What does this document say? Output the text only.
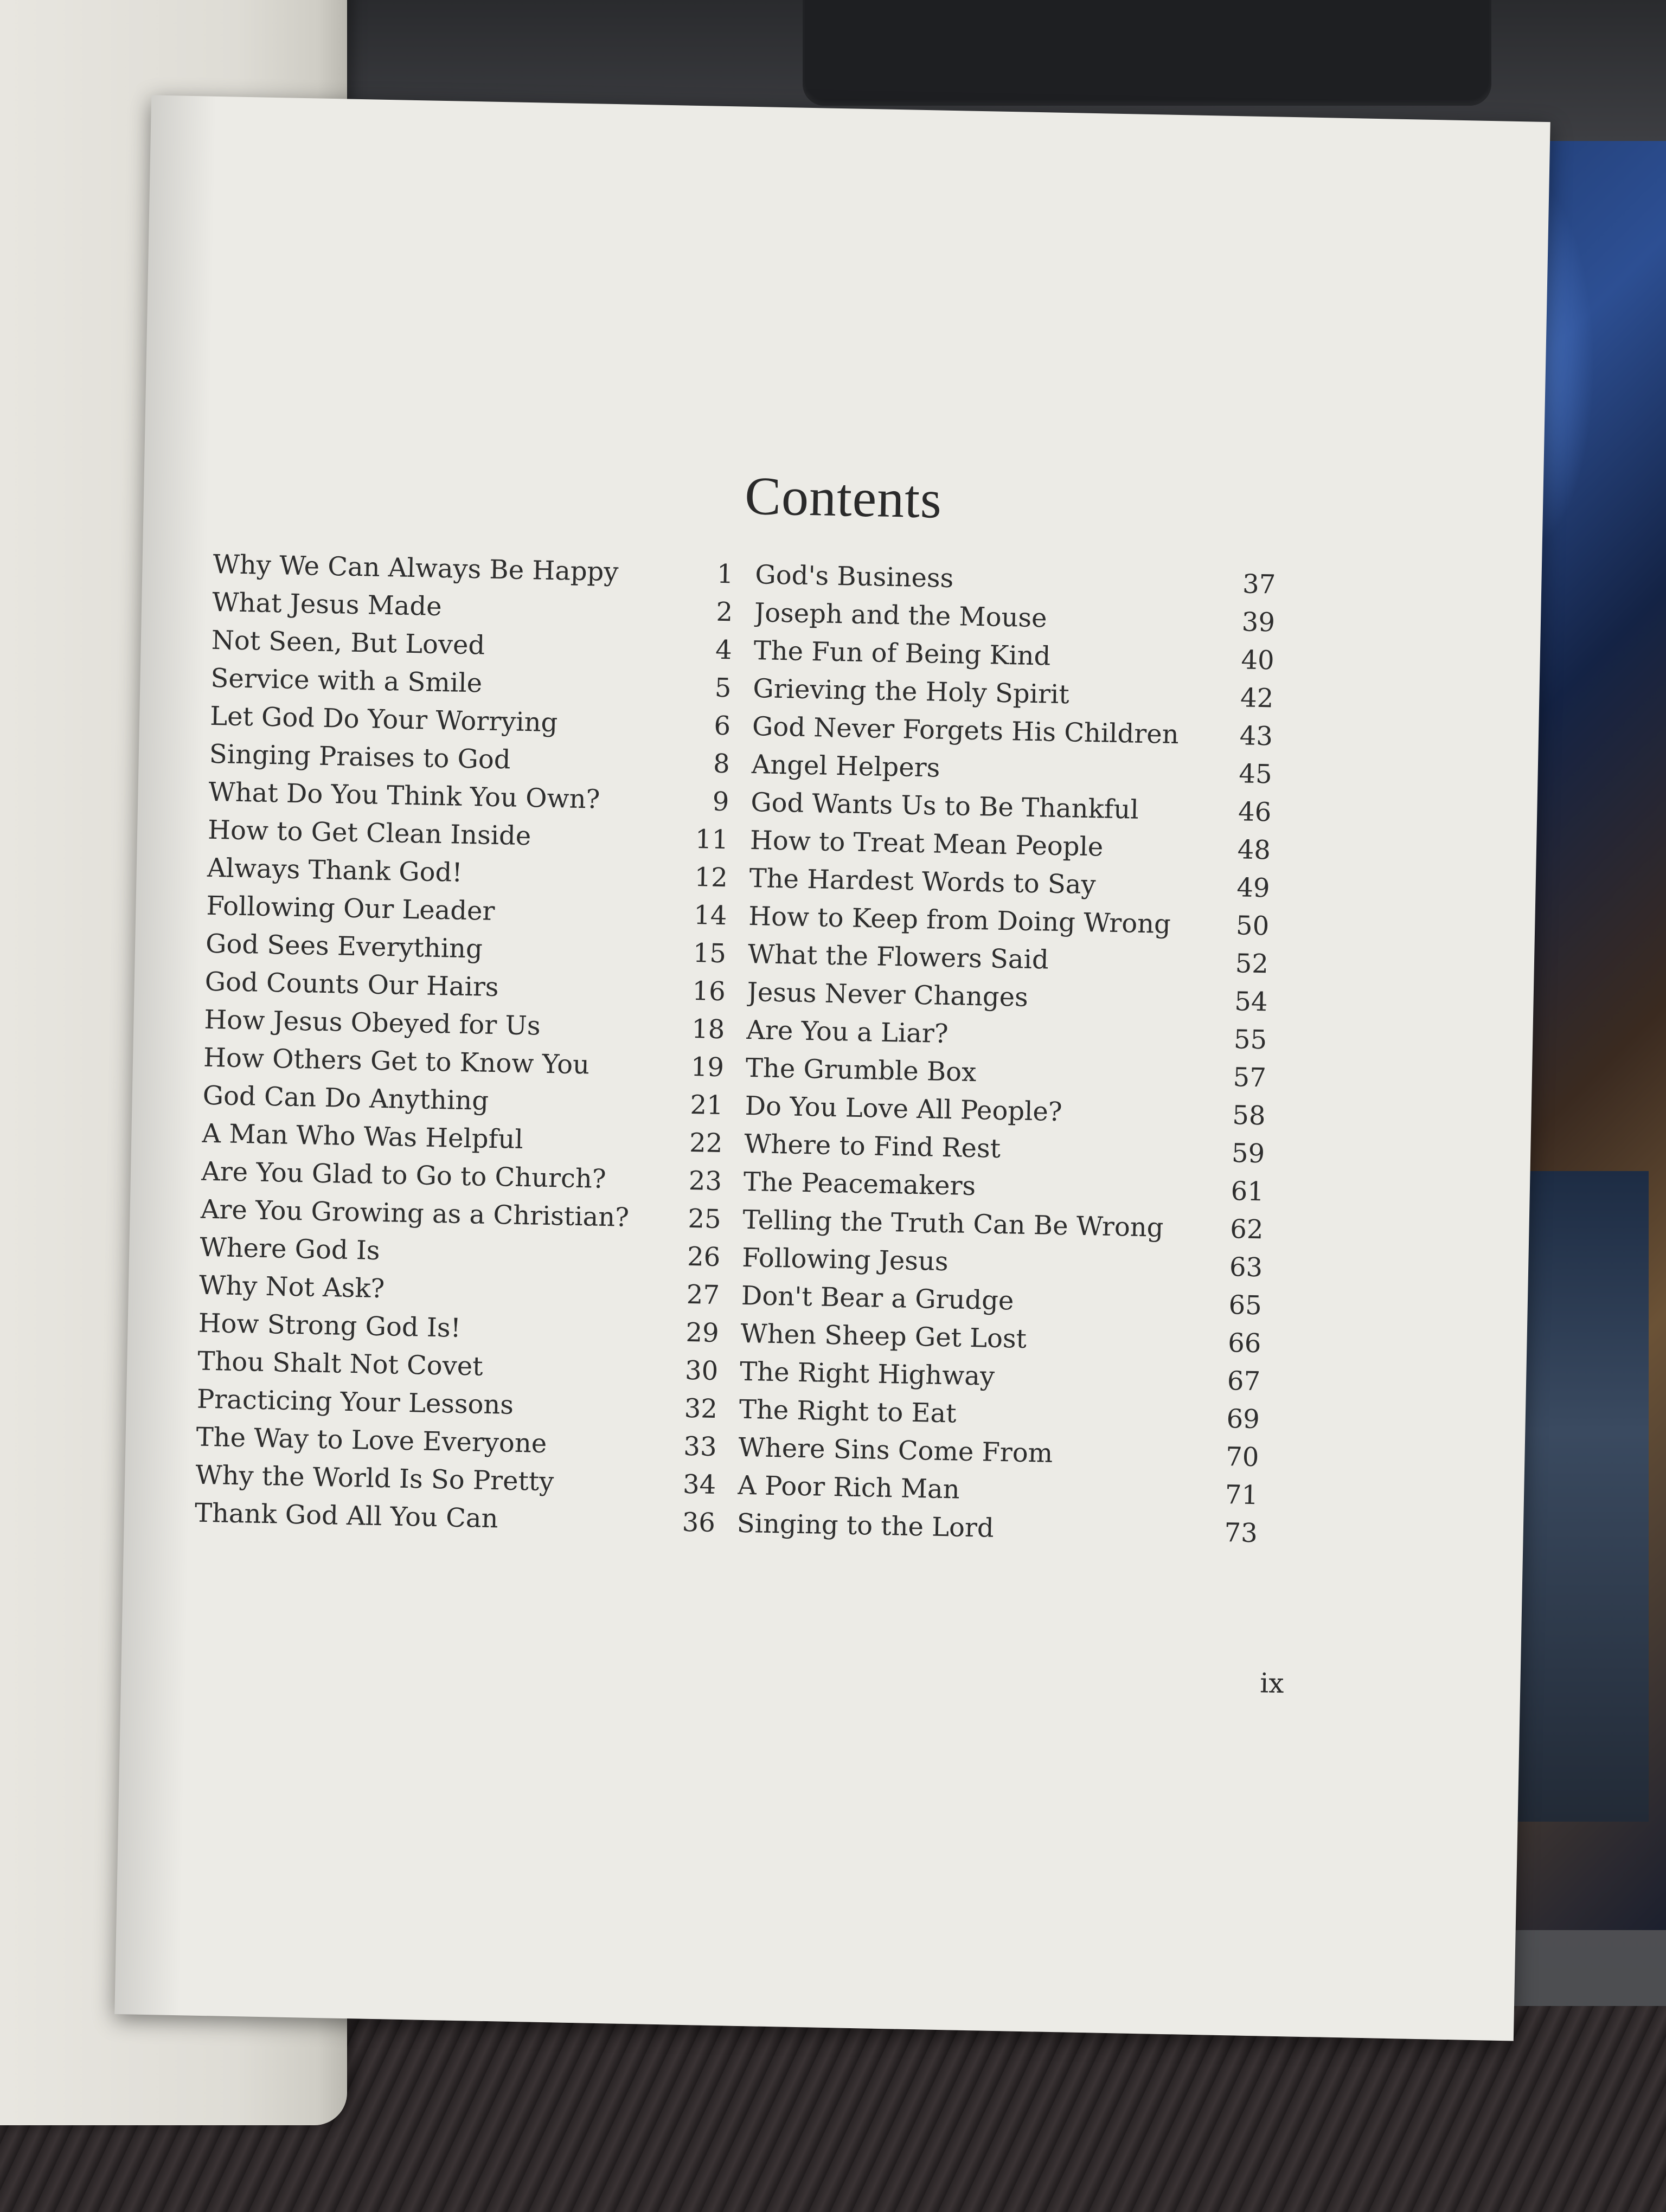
Contents
Why We Can Always Be Happy	1
What Jesus Made	2
Not Seen, But Loved	4
Service with a Smile	5
Let God Do Your Worrying	6
Singing Praises to God	8
What Do You Think You Own?	9
How to Get Clean Inside	11
Always Thank God!	12
Following Our Leader	14
God Sees Everything	15
God Counts Our Hairs	16
How Jesus Obeyed for Us	18
How Others Get to Know You	19
God Can Do Anything	21
A Man Who Was Helpful	22
Are You Glad to Go to Church?	23
Are You Growing as a Christian? 25
Where God Is	26
Why Not Ask?	27
How Strong God Is!	29
Thou Shalt Not Covet	30
Practicing Your Lessons	32
The Way to Love Everyone	33
Why the World Is So Pretty	34
Thank God All You Can	36
God's Business	37
Joseph and the Mouse	39
The Fun of Being Kind	40
Grieving the Holy Spirit	42
God Never Forgets His Children 43
Angel Helpers	45
God Wants Us to Be Thankful	46
How to Treat Mean People	48
The Hardest Words to Say	49
How to Keep from Doing Wrong 50
What the Flowers Said	52
Jesus Never Changes	54
Are You a Liar?	55
The Grumble Box	57
Do You Love All People?	58
Where to Find Rest	59
The Peacemakers	61
Telling the Truth Can Be Wrong	62
Following Jesus	63
Don't Bear a Grudge	65
When Sheep Get Lost	66
The Right Highway	67
The Right to Eat	69
Where Sins Come From	70
A Poor Rich Man	71
Singing to the Lord	73
ix
